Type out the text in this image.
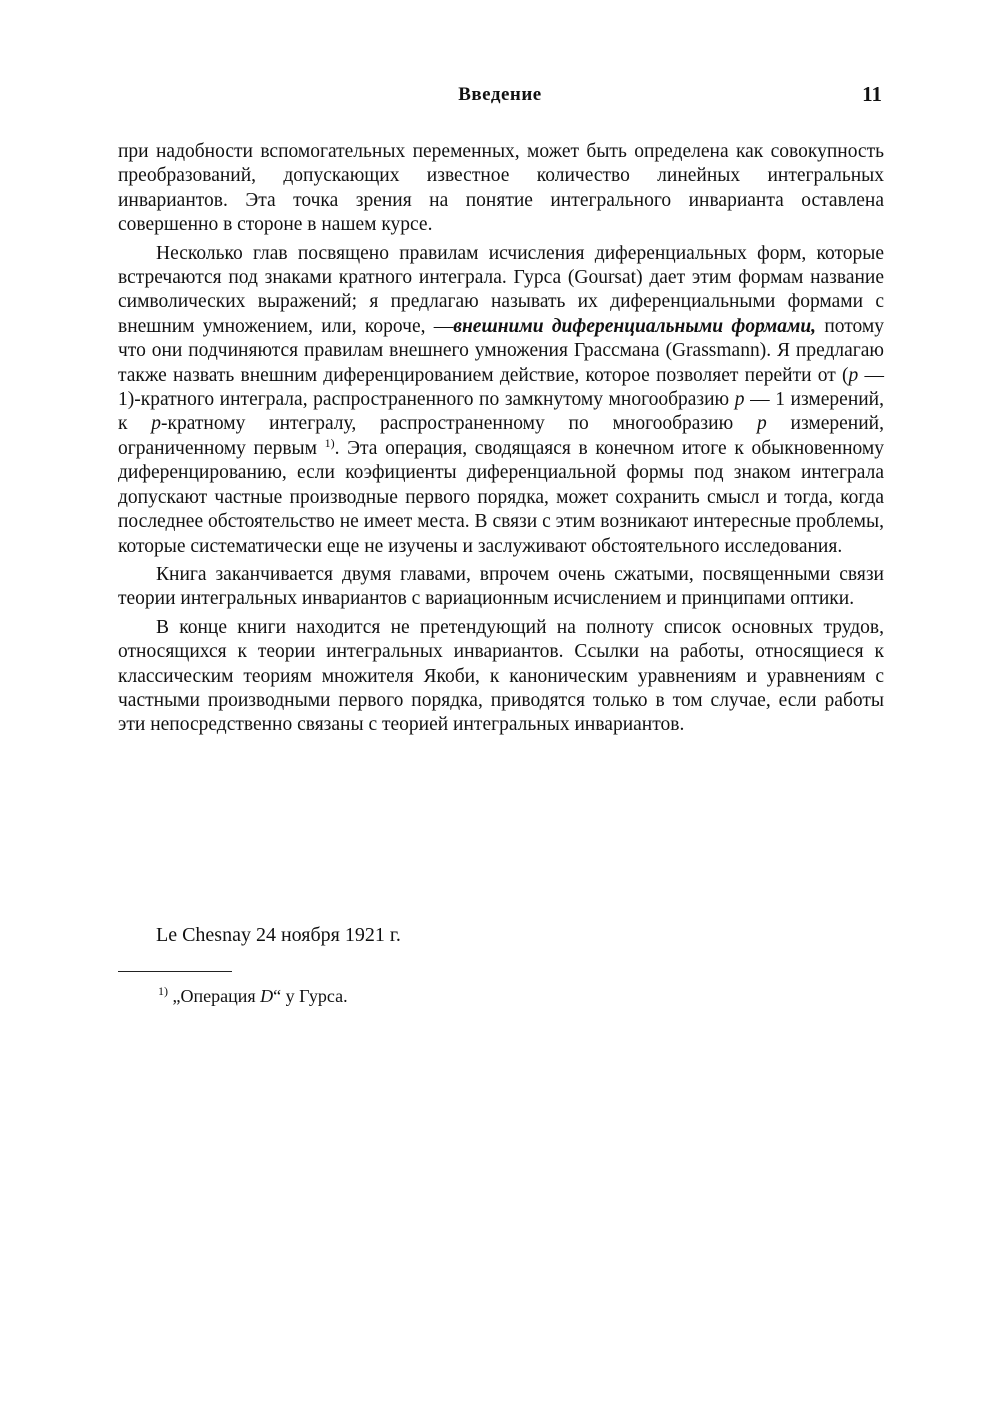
Введение	11

при надобности вспомогательных переменных, может быть определена как совокупность преобразований, допускающих известное количество линейных интегральных инвариантов. Эта точка зрения на понятие интегрального инварианта оставлена совершенно в стороне в нашем курсе.

Несколько глав посвящено правилам исчисления диференциальных форм, которые встречаются под знаками кратного интеграла. Гурса (Goursat) дает этим формам название символических выражений; я предлагаю называть их диференциальными формами с внешним умножением, или, короче, —внешними диференциальными формами, потому что они подчиняются правилам внешнего умножения Грассмана (Grassmann). Я предлагаю также назвать внешним диференцированием действие, которое позволяет перейти от (p — 1)-кратного интеграла, распространенного по замкнутому многообразию p — 1 измерений, к p-кратному интегралу, распространенному по многообразию p измерений, ограниченному первым $^{1)}$. Эта операция, сводящаяся в конечном итоге к обыкновенному диференцированию, если коэфициенты диференциальной формы под знаком интеграла допускают частные производные первого порядка, может сохранить смысл и тогда, когда последнее обстоятельство не имеет места. В связи с этим возникают интересные проблемы, которые систематически еще не изучены и заслуживают обстоятельного исследования.

Книга заканчивается двумя главами, впрочем очень сжатыми, посвященными связи теории интегральных инвариантов с вариационным исчислением и принципами оптики.

В конце книги находится не претендующий на полноту список основных трудов, относящихся к теории интегральных инвариантов. Ссылки на работы, относящиеся к классическим теориям множителя Якоби, к каноническим уравнениям и уравнениям с частными производными первого порядка, приводятся только в том случае, если работы эти непосредственно связаны с теорией интегральных инвариантов.

Le Chesnay 24 ноября 1921 г.
$^{1)}$ „Операция D“ у Гурса.
